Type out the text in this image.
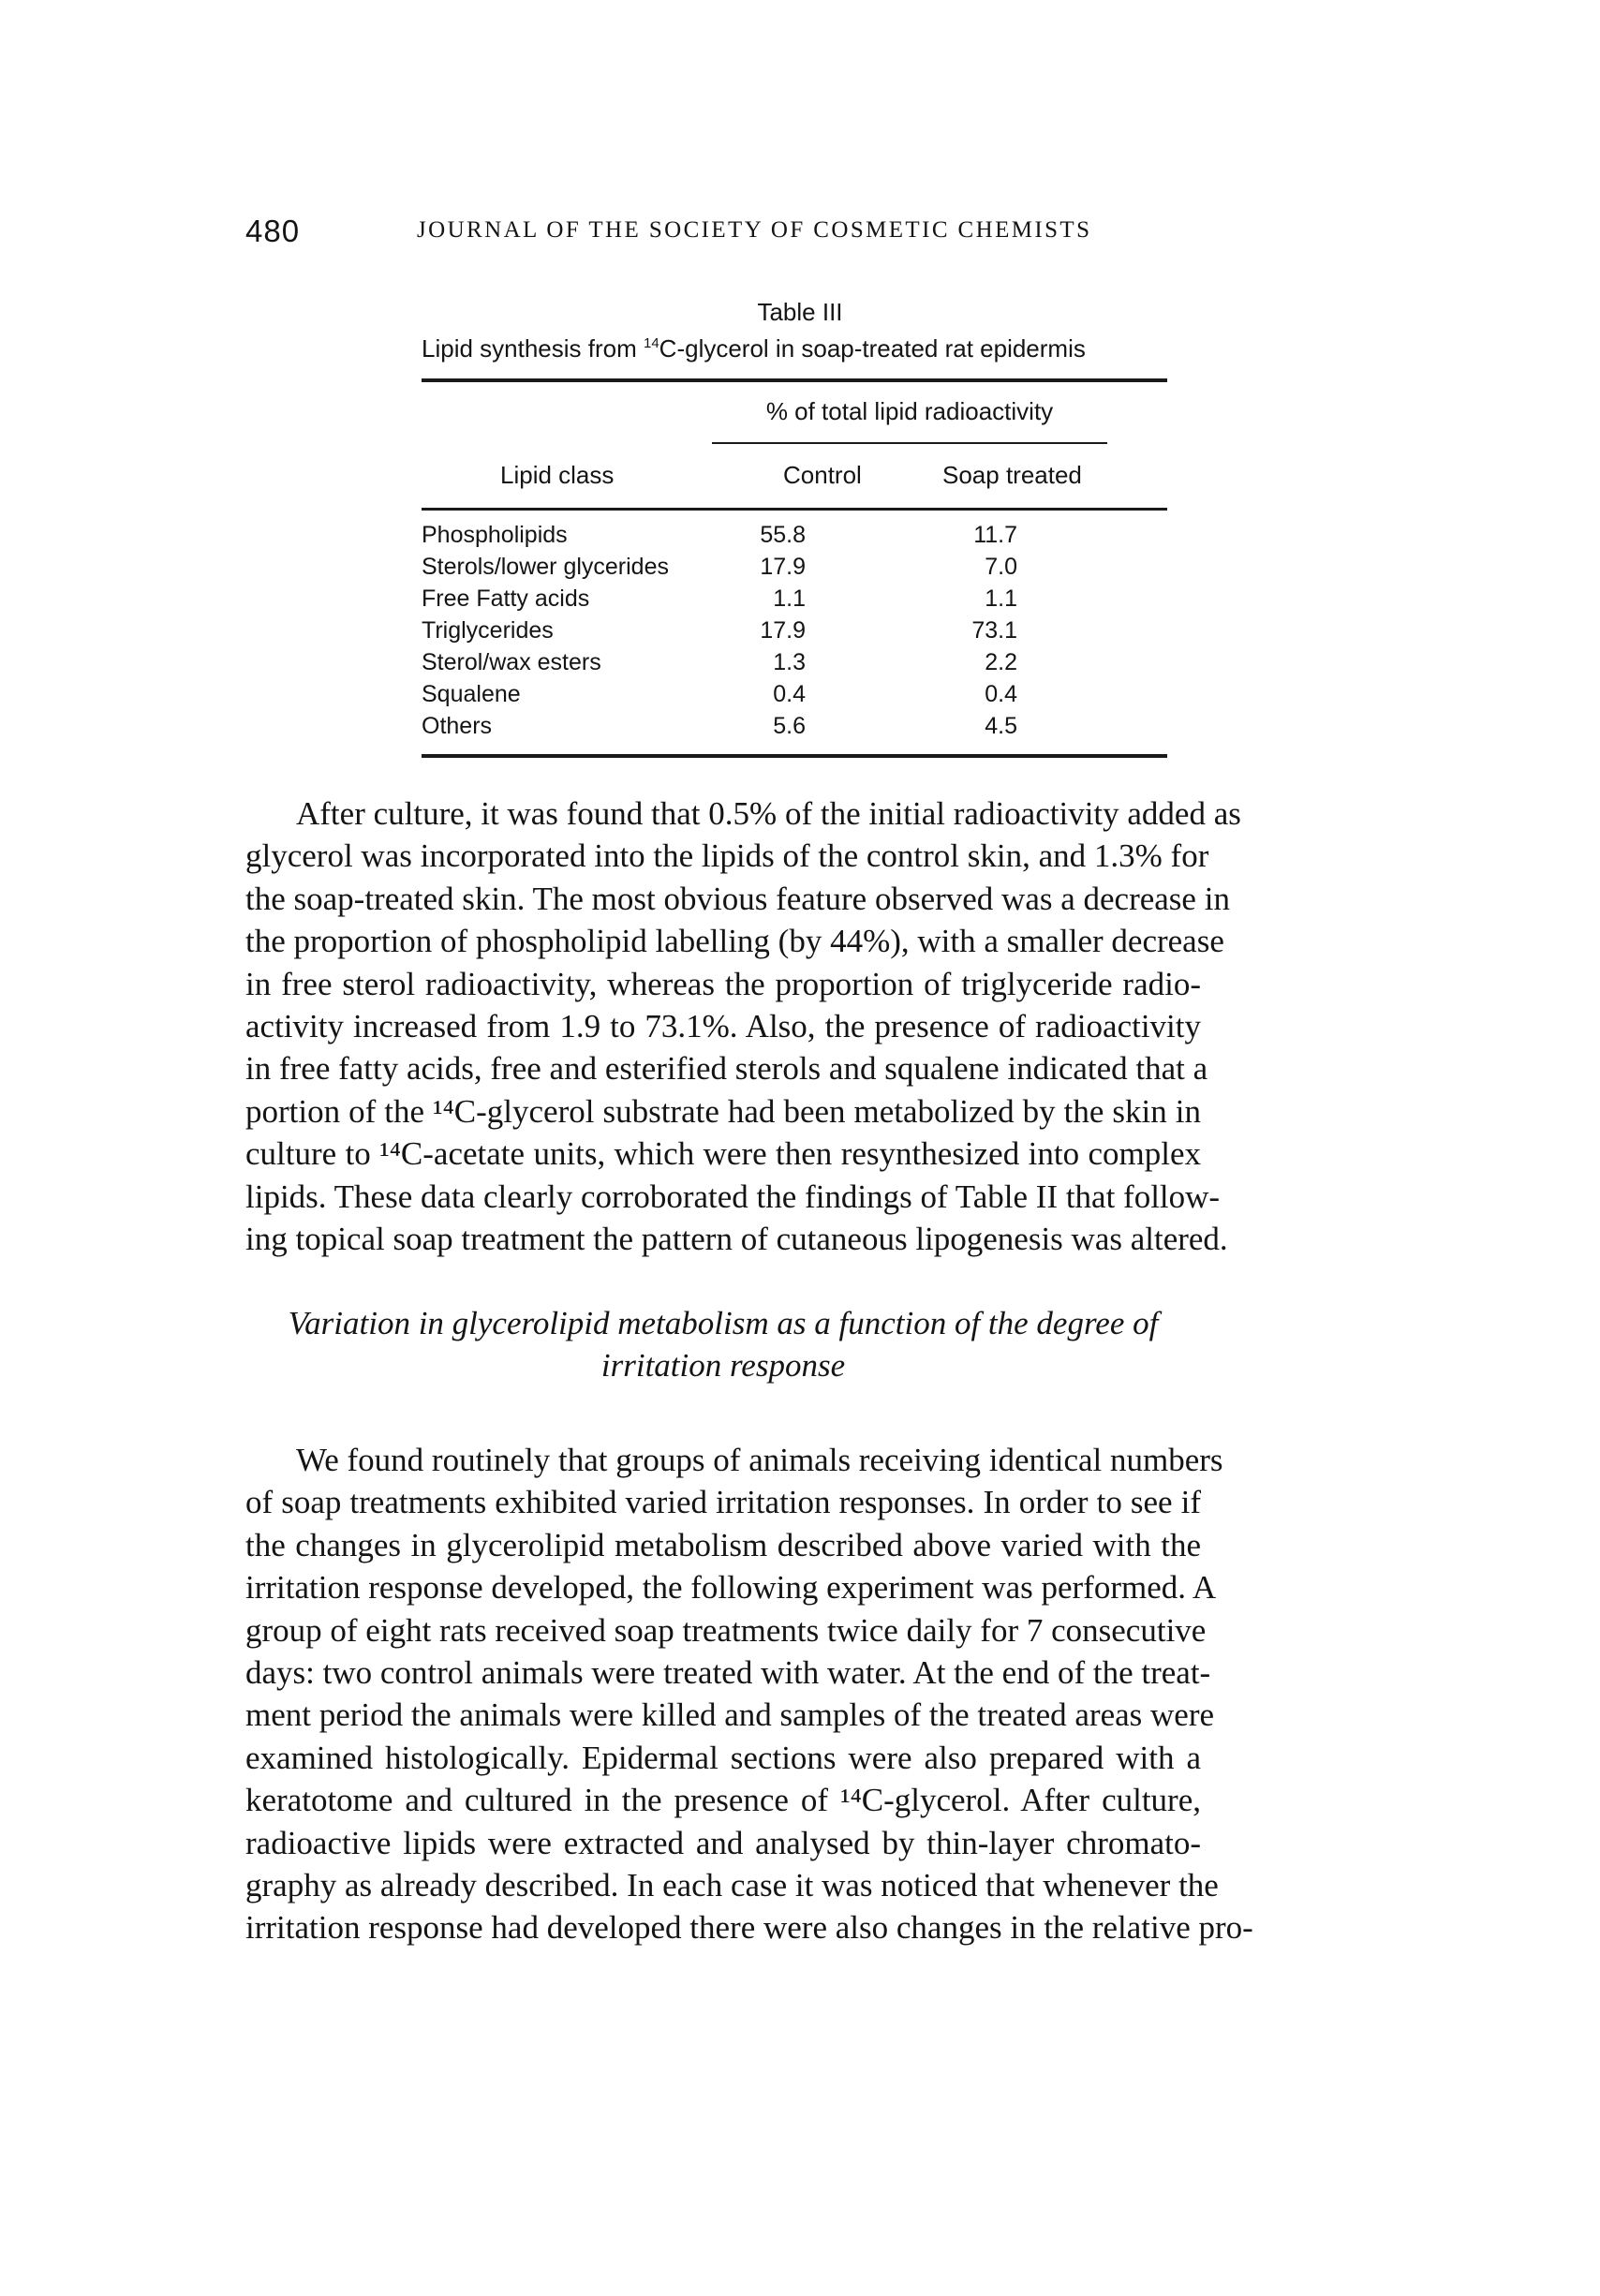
480	JOURNAL OF THE SOCIETY OF COSMETIC CHEMISTS
Table III
Lipid synthesis from $^{14}$C-glycerol in soap-treated rat epidermis
% of total lipid radioactivity
Lipid class	Control	Soap treated
Phospholipids	55.8	11.7
Sterols/lower glycerides	17.9	7.0
Free Fatty acids	1.1	1.1
Triglycerides	17.9	73.1
Sterol/wax esters	1.3	2.2
Squalene	0.4	0.4
Others	5.6	4.5
After culture, it was found that 0.5% of the initial radioactivity added as
glycerol was incorporated into the lipids of the control skin, and 1.3% for
the soap-treated skin. The most obvious feature observed was a decrease in
the proportion of phospholipid labelling (by 44%), with a smaller decrease
in free sterol radioactivity, whereas the proportion of triglyceride radio-
activity increased from 1.9 to 73.1%. Also, the presence of radioactivity
in free fatty acids, free and esterified sterols and squalene indicated that a
portion of the ¹⁴C-glycerol substrate had been metabolized by the skin in
culture to ¹⁴C-acetate units, which were then resynthesized into complex
lipids. These data clearly corroborated the findings of Table II that follow-
ing topical soap treatment the pattern of cutaneous lipogenesis was altered.
Variation in glycerolipid metabolism as a function of the degree of
irritation response
We found routinely that groups of animals receiving identical numbers
of soap treatments exhibited varied irritation responses. In order to see if
the changes in glycerolipid metabolism described above varied with the
irritation response developed, the following experiment was performed. A
group of eight rats received soap treatments twice daily for 7 consecutive
days: two control animals were treated with water. At the end of the treat-
ment period the animals were killed and samples of the treated areas were
examined histologically. Epidermal sections were also prepared with a
keratotome and cultured in the presence of ¹⁴C-glycerol. After culture,
radioactive lipids were extracted and analysed by thin-layer chromato-
graphy as already described. In each case it was noticed that whenever the
irritation response had developed there were also changes in the relative pro-
